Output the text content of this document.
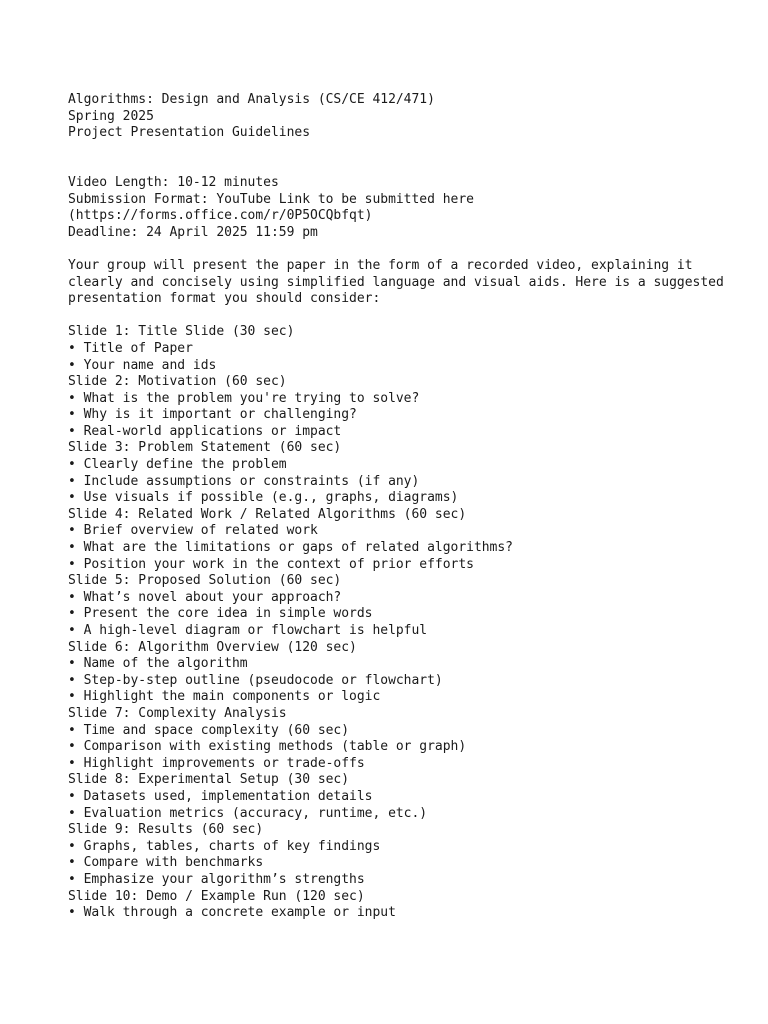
Algorithms: Design and Analysis (CS/CE 412/471)
Spring 2025
Project Presentation Guidelines
Video Length: 10-12 minutes
Submission Format: YouTube Link to be submitted here
(https://forms.office.com/r/0P5OCQbfqt)
Deadline: 24 April 2025 11:59 pm
Your group will present the paper in the form of a recorded video, explaining it
clearly and concisely using simplified language and visual aids. Here is a suggested
presentation format you should consider:
Slide 1: Title Slide (30 sec)
• Title of Paper
• Your name and ids
Slide 2: Motivation (60 sec)
• What is the problem you're trying to solve?
• Why is it important or challenging?
• Real-world applications or impact
Slide 3: Problem Statement (60 sec)
• Clearly define the problem
• Include assumptions or constraints (if any)
• Use visuals if possible (e.g., graphs, diagrams)
Slide 4: Related Work / Related Algorithms (60 sec)
• Brief overview of related work
• What are the limitations or gaps of related algorithms?
• Position your work in the context of prior efforts
Slide 5: Proposed Solution (60 sec)
• What’s novel about your approach?
• Present the core idea in simple words
• A high-level diagram or flowchart is helpful
Slide 6: Algorithm Overview (120 sec)
• Name of the algorithm
• Step-by-step outline (pseudocode or flowchart)
• Highlight the main components or logic
Slide 7: Complexity Analysis
• Time and space complexity (60 sec)
• Comparison with existing methods (table or graph)
• Highlight improvements or trade-offs
Slide 8: Experimental Setup (30 sec)
• Datasets used, implementation details
• Evaluation metrics (accuracy, runtime, etc.)
Slide 9: Results (60 sec)
• Graphs, tables, charts of key findings
• Compare with benchmarks
• Emphasize your algorithm’s strengths
Slide 10: Demo / Example Run (120 sec)
• Walk through a concrete example or input
